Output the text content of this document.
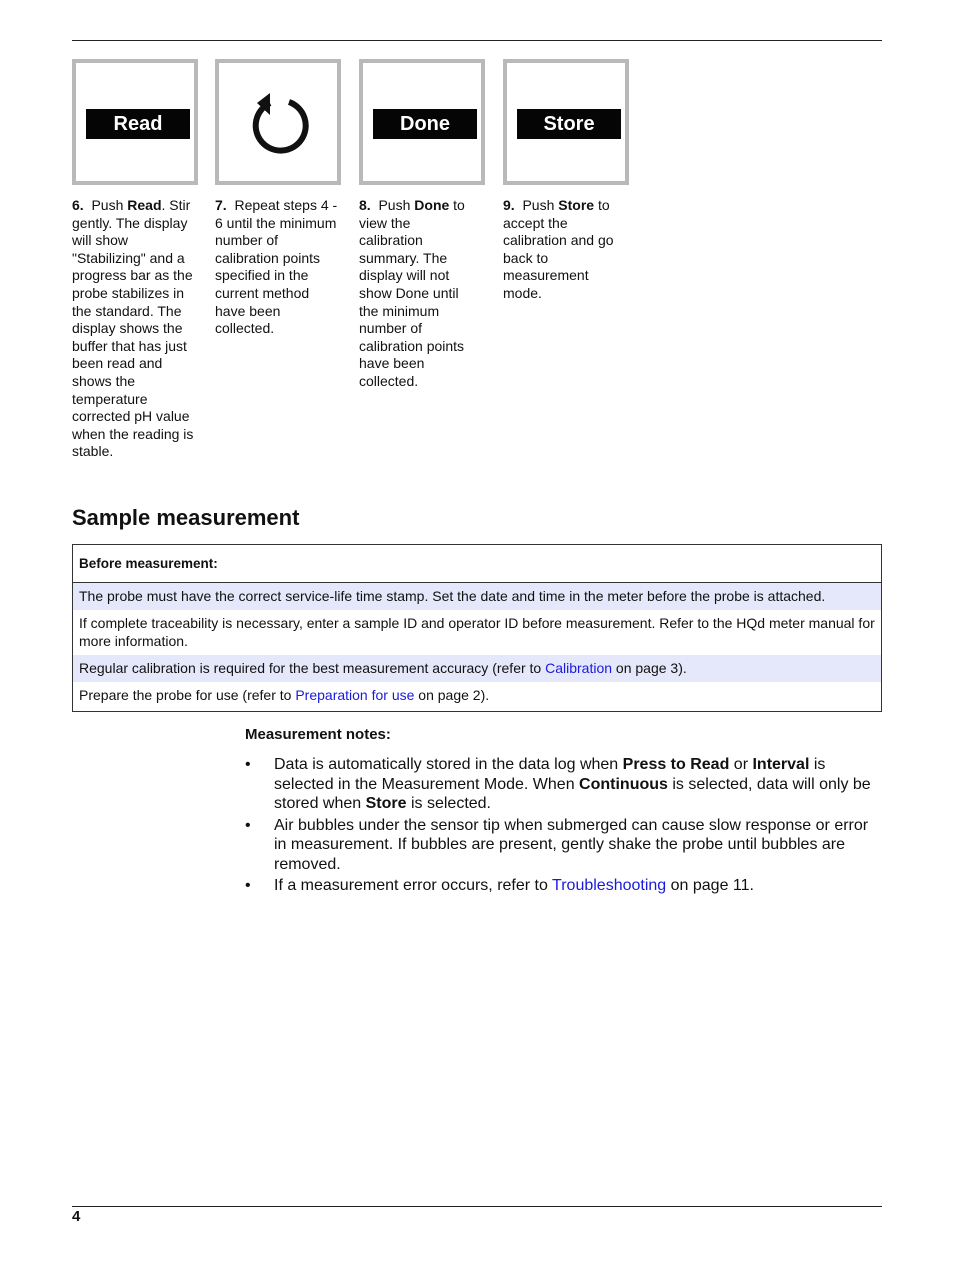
Read	Done	Store
6. Push Read. Stir gently. The display will show "Stabilizing" and a progress bar as the probe stabilizes in the standard. The display shows the buffer that has just been read and shows the temperature corrected pH value when the reading is stable.
7. Repeat steps 4 - 6 until the minimum number of calibration points specified in the current method have been collected.
8. Push Done to view the calibration summary. The display will not show Done until the minimum number of calibration points have been collected.
9. Push Store to accept the calibration and go back to measurement mode.
Sample measurement
Before measurement:
The probe must have the correct service-life time stamp. Set the date and time in the meter before the probe is attached.
If complete traceability is necessary, enter a sample ID and operator ID before measurement. Refer to the HQd meter manual for more information.
Regular calibration is required for the best measurement accuracy (refer to Calibration on page 3).
Prepare the probe for use (refer to Preparation for use on page 2).
Measurement notes:
• Data is automatically stored in the data log when Press to Read or Interval is selected in the Measurement Mode. When Continuous is selected, data will only be stored when Store is selected.
• Air bubbles under the sensor tip when submerged can cause slow response or error in measurement. If bubbles are present, gently shake the probe until bubbles are removed.
• If a measurement error occurs, refer to Troubleshooting on page 11.
4
